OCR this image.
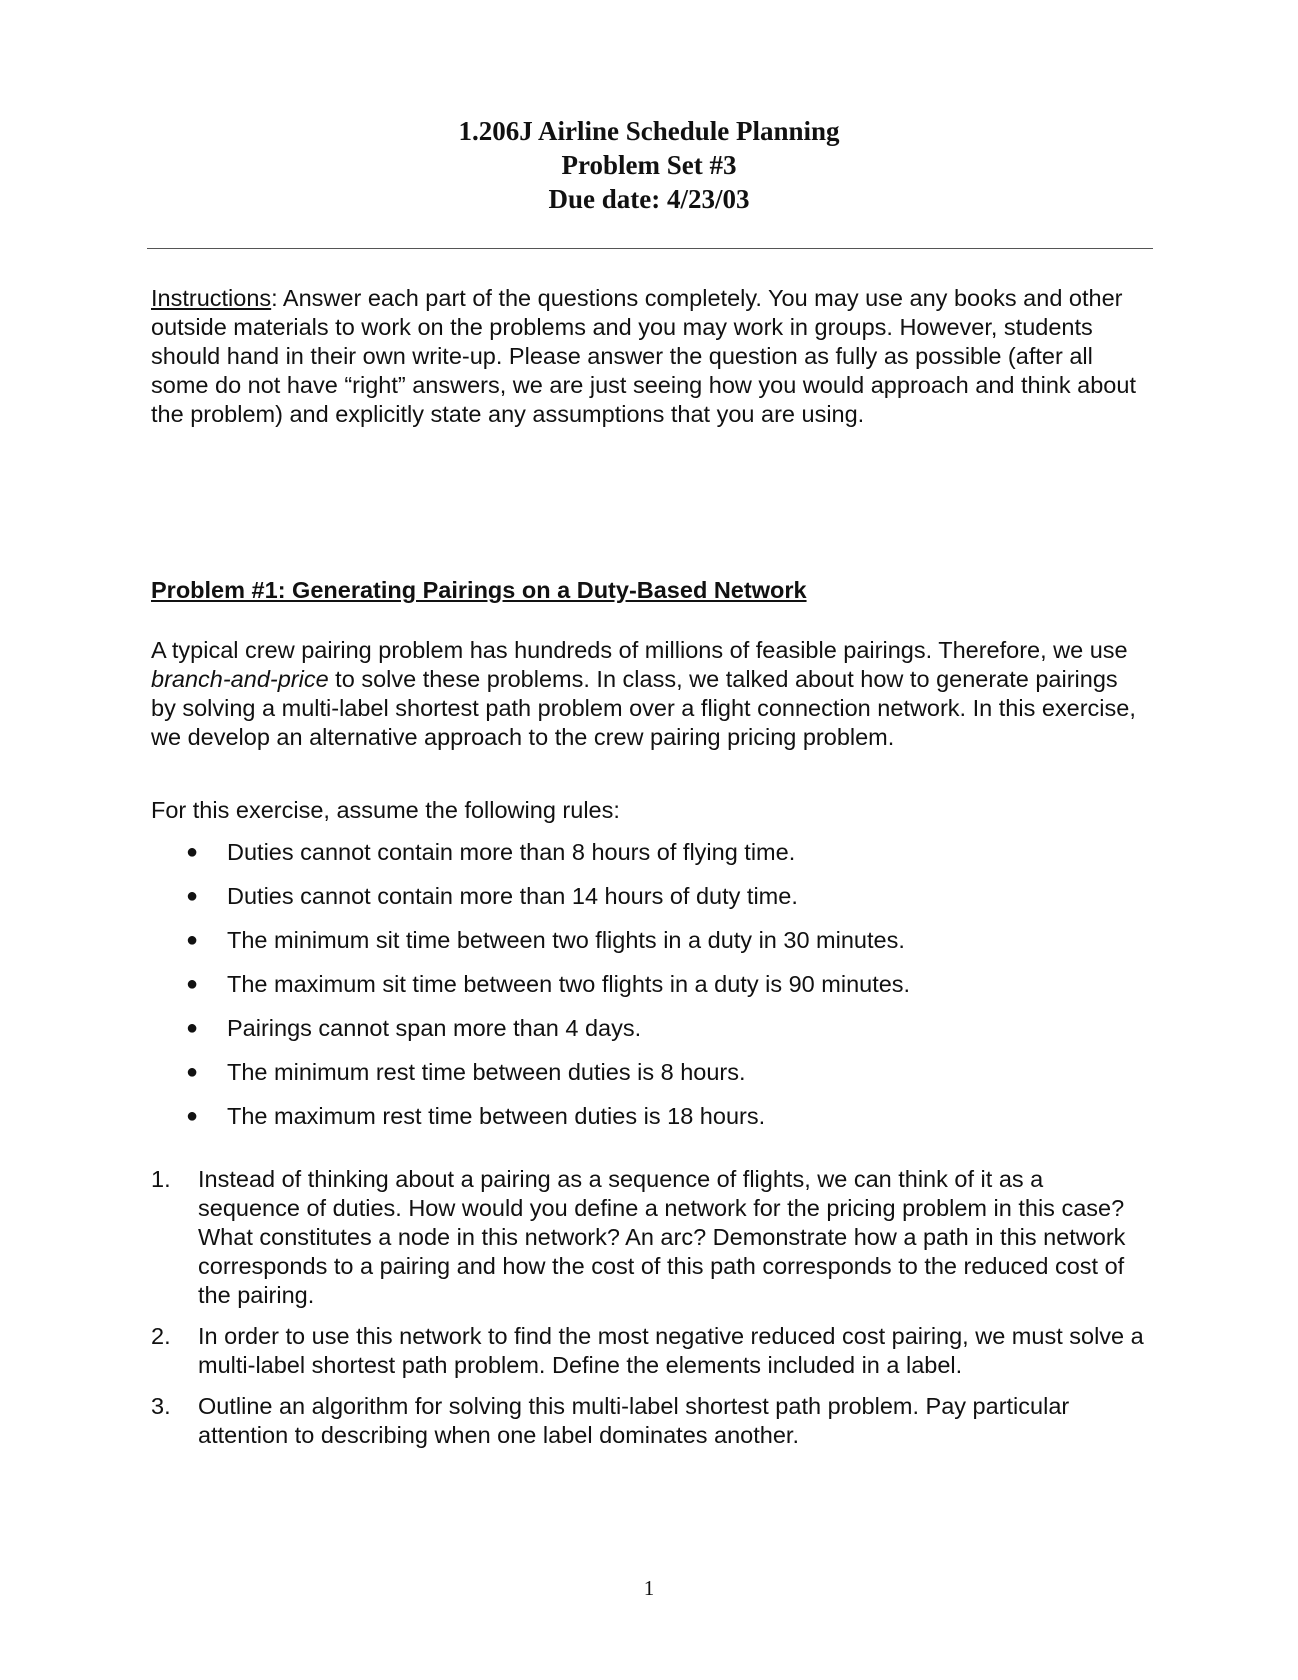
1.206J Airline Schedule Planning
Problem Set #3
Due date: 4/23/03

Instructions: Answer each part of the questions completely. You may use any books and other outside materials to work on the problems and you may work in groups. However, students should hand in their own write-up. Please answer the question as fully as possible (after all some do not have “right” answers, we are just seeing how you would approach and think about the problem) and explicitly state any assumptions that you are using.

Problem #1: Generating Pairings on a Duty-Based Network

A typical crew pairing problem has hundreds of millions of feasible pairings. Therefore, we use branch-and-price to solve these problems. In class, we talked about how to generate pairings by solving a multi-label shortest path problem over a flight connection network. In this exercise, we develop an alternative approach to the crew pairing pricing problem.

For this exercise, assume the following rules:

● Duties cannot contain more than 8 hours of flying time.
● Duties cannot contain more than 14 hours of duty time.
● The minimum sit time between two flights in a duty in 30 minutes.
● The maximum sit time between two flights in a duty is 90 minutes.
● Pairings cannot span more than 4 days.
● The minimum rest time between duties is 8 hours.
● The maximum rest time between duties is 18 hours.
1. Instead of thinking about a pairing as a sequence of flights, we can think of it as a sequence of duties. How would you define a network for the pricing problem in this case? What constitutes a node in this network? An arc? Demonstrate how a path in this network corresponds to a pairing and how the cost of this path corresponds to the reduced cost of the pairing.
2. In order to use this network to find the most negative reduced cost pairing, we must solve a multi-label shortest path problem. Define the elements included in a label.
3. Outline an algorithm for solving this multi-label shortest path problem. Pay particular attention to describing when one label dominates another.
1
